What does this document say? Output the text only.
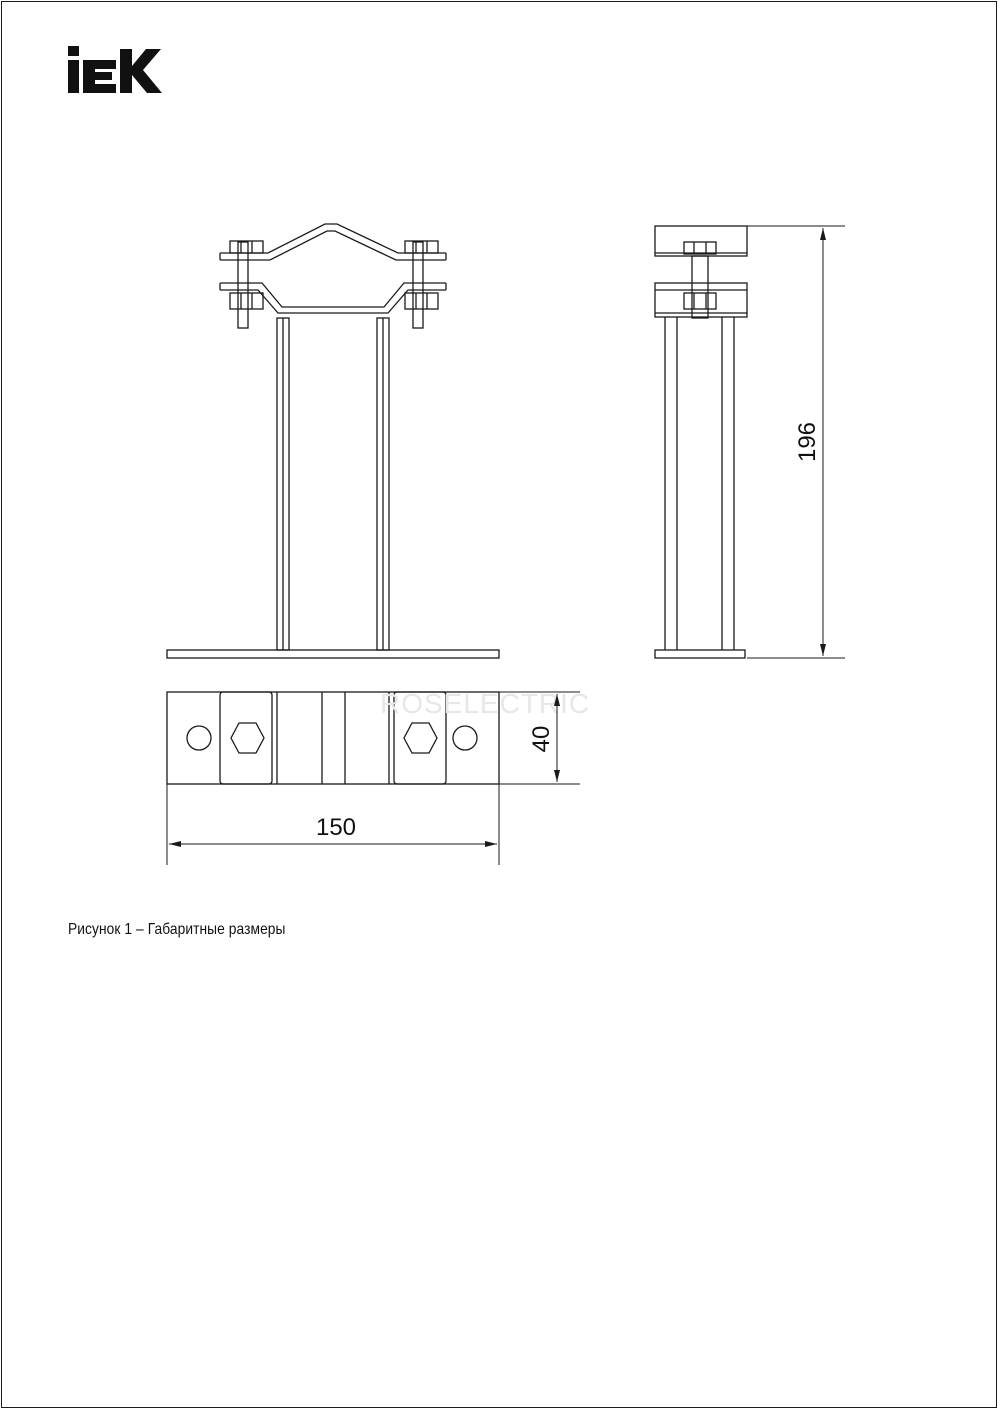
ROSELECTRIC
196
40
150
Рисунок 1 – Габаритные размеры
